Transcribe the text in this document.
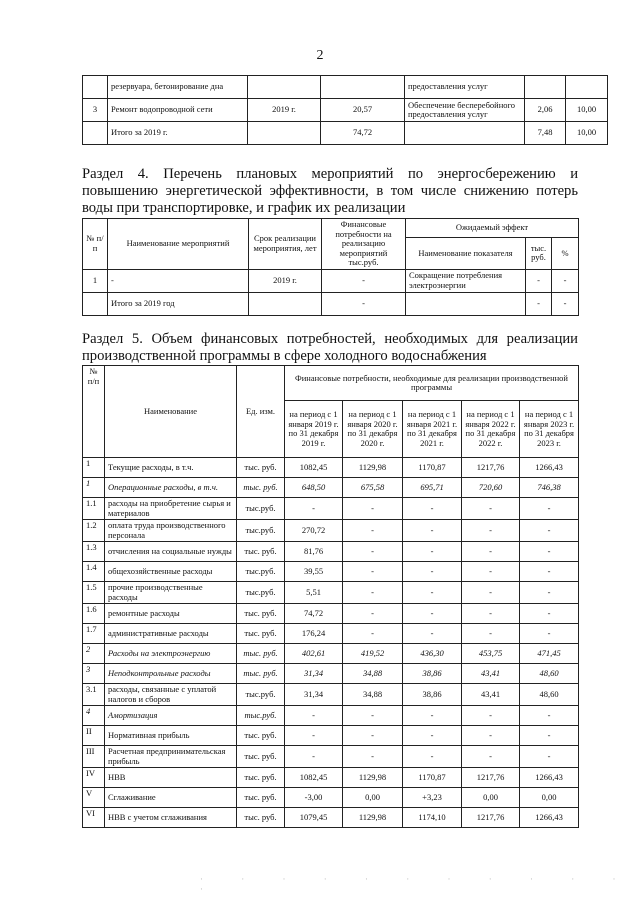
2
	резервуара, бетонирование дна			предоставления услуг		
3	Ремонт водопроводной сети	2019 г.	20,57	Обеспечение бесперебойного предоставления услуг	2,06	10,00
	Итого за 2019 г.		74,72		7,48	10,00
Раздел 4. Перечень плановых мероприятий по энергосбережению и повышению энергетической эффективности, в том числе снижению потерь воды при транспортировке, и график их реализации
№ п/п	Наименование мероприятий	Срок реализации мероприятия, лет	Финансовые потребности на реализацию мероприятий тыс.руб.	Ожидаемый эффект		
				Наименование показателя	тыс. руб.	%
1	-	2019 г.	-	Сокращение потребления электроэнергии	-	-
	Итого за 2019 год		-		-	-
Раздел 5. Объем финансовых потребностей, необходимых для реализации производственной программы в сфере холодного водоснабжения
№ п/п	Наименование	Ед. изм.	Финансовые потребности, необходимые для реализации производственной программы				
			на период с 1 января 2019 г. по 31 декабря 2019 г.	на период с 1 января 2020 г. по 31 декабря 2020 г.	на период с 1 января 2021 г. по 31 декабря 2021 г.	на период с 1 января 2022 г. по 31 декабря 2022 г.	на период с 1 января 2023 г. по 31 декабря 2023 г.
1	Текущие расходы, в т.ч.	тыс. руб.	1082,45	1129,98	1170,87	1217,76	1266,43
1	Операционные расходы, в т.ч.	тыс. руб.	648,50	675,58	695,71	720,60	746,38
1.1	расходы на приобретение сырья и материалов	тыс.руб.	-	-	-	-	-
1.2	оплата труда производственного персонала	тыс.руб.	270,72	-	-	-	-
1.3	отчисления на социальные нужды	тыс. руб.	81,76	-	-	-	-
1.4	общехозяйственные расходы	тыс.руб.	39,55	-	-	-	-
1.5	прочие производственные расходы	тыс.руб.	5,51	-	-	-	-
1.6	ремонтные расходы	тыс. руб.	74,72	-	-	-	-
1.7	административные расходы	тыс. руб.	176,24	-	-	-	-
2	Расходы на электроэнергию	тыс. руб.	402,61	419,52	436,30	453,75	471,45
3	Неподконтрольные расходы	тыс. руб.	31,34	34,88	38,86	43,41	48,60
3.1	расходы, связанные с уплатой налогов и сборов	тыс.руб.	31,34	34,88	38,86	43,41	48,60
4	Амортизация	тыс.руб.	-	-	-	-	-
II	Нормативная прибыль	тыс. руб.	-	-	-	-	-
III	Расчетная предпринимательская прибыль	тыс. руб.	-	-	-	-	-
IV	НВВ	тыс. руб.	1082,45	1129,98	1170,87	1217,76	1266,43
V	Сглаживание	тыс. руб.	-3,00	0,00	+3,23	0,00	0,00
VI	НВВ с учетом сглаживания	тыс. руб.	1079,45	1129,98	1174,10	1217,76	1266,43
· · · · · · · · · · · ·
